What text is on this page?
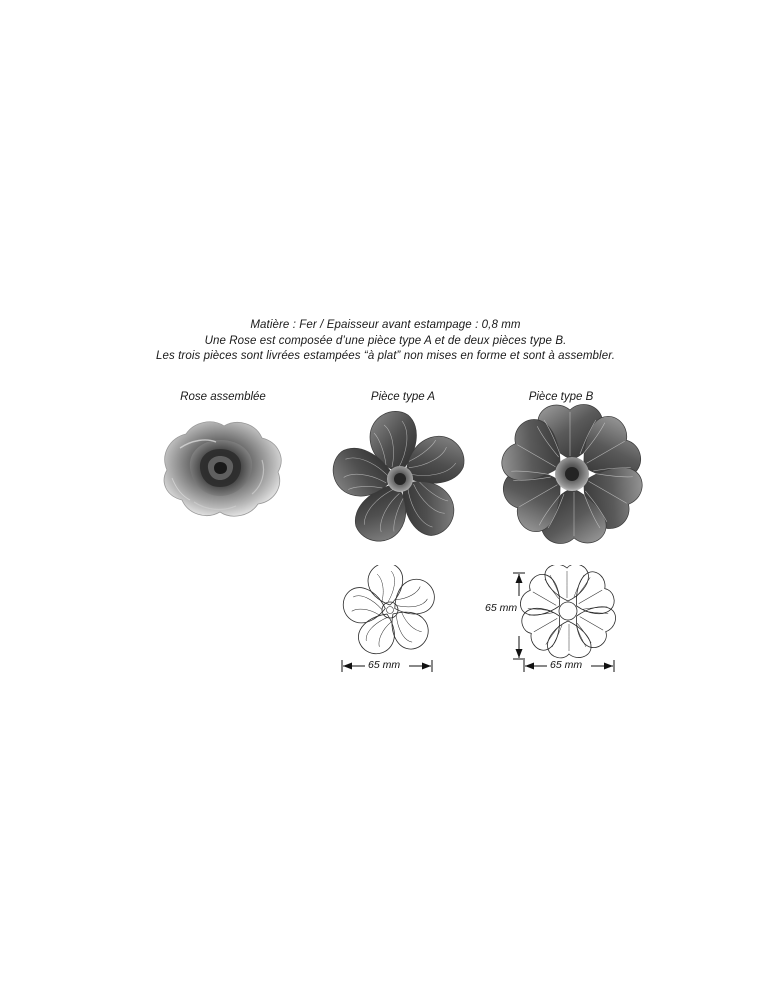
Matière : Fer / Epaisseur avant estampage : 0,8 mm
Une Rose est composée d’une pièce type A et de deux pièces type B.
Les trois pièces sont livrées estampées “à plat” non mises en forme et sont à assembler.
Rose assemblée	Pièce type A	Pièce type B
65 mm	65 mm
65 mm
